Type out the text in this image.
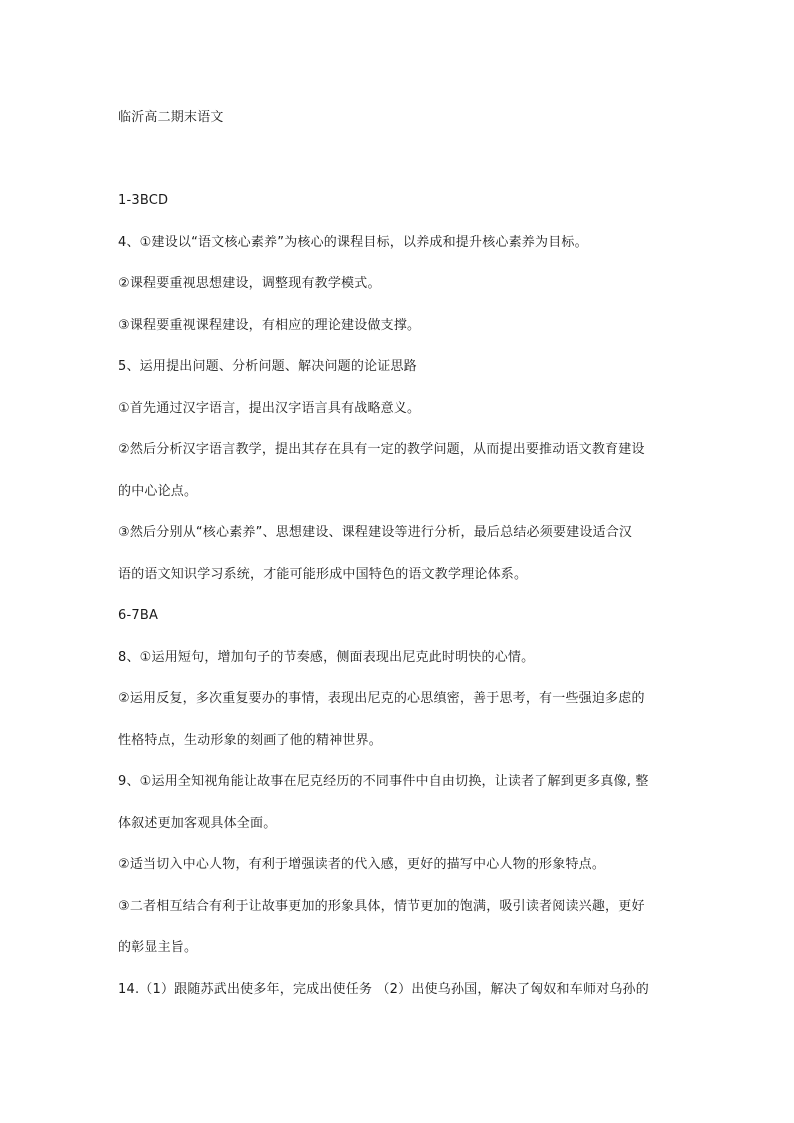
临沂高二期末语文
1-3BCD
4、①建设以“语文核心素养”为核心的课程目标，以养成和提升核心素养为目标。
②课程要重视思想建设，调整现有教学模式。
③课程要重视课程建设，有相应的理论建设做支撑。
5、运用提出问题、分析问题、解决问题的论证思路
①首先通过汉字语言，提出汉字语言具有战略意义。
②然后分析汉字语言教学，提出其存在具有一定的教学问题，从而提出要推动语文教育建设
的中心论点。
③然后分别从“核心素养”、思想建设、课程建设等进行分析，最后总结必须要建设适合汉
语的语文知识学习系统，才能可能形成中国特色的语文教学理论体系。
6-7BA
8、①运用短句，增加句子的节奏感，侧面表现出尼克此时明快的心情。
②运用反复，多次重复要办的事情，表现出尼克的心思缜密，善于思考，有一些强迫多虑的
性格特点，生动形象的刻画了他的精神世界。
9、①运用全知视角能让故事在尼克经历的不同事件中自由切换，让读者了解到更多真像, 整
体叙述更加客观具体全面。
②适当切入中心人物，有利于增强读者的代入感，更好的描写中心人物的形象特点。
③二者相互结合有利于让故事更加的形象具体，情节更加的饱满，吸引读者阅读兴趣，更好
的彰显主旨。
14.（1）跟随苏武出使多年，完成出使任务 （2）出使乌孙国，解决了匈奴和车师对乌孙的
